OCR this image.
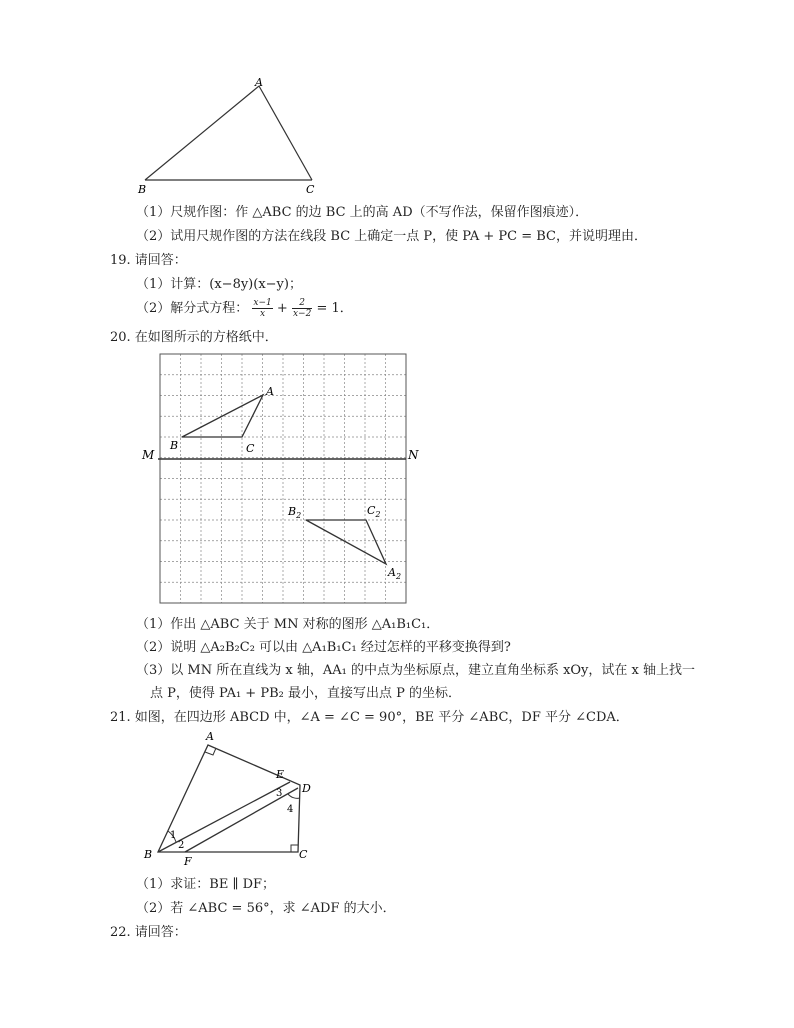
A
B	C
（1）尺规作图：作 △ABC 的边 BC 上的高 AD（不写作法，保留作图痕迹）．
（2）试用尺规作图的方法在线段 BC 上确定一点 P，使 PA + PC = BC，并说明理由．
19. 请回答：
（1）计算：(x−8y)(x−y)；
（2）解分式方程： $\frac{x-1}{x} + \frac{2}{x-2} = 1$．
20. 在如图所示的方格纸中．
M	N
A
B	C
$B_2$	$C_2$
$A_2$
（1）作出 △ABC 关于 MN 对称的图形 △A₁B₁C₁．
（2）说明 △A₂B₂C₂ 可以由 △A₁B₁C₁ 经过怎样的平移变换得到?
（3）以 MN 所在直线为 x 轴，AA₁ 的中点为坐标原点，建立直角坐标系 xOy，试在 x 轴上找一
点 P，使得 PA₁ + PB₂ 最小，直接写出点 P 的坐标．
21. 如图，在四边形 ABCD 中，∠A = ∠C = 90°，BE 平分 ∠ABC，DF 平分 ∠CDA．
A
B	C
D
E
F
1
2
3
4
（1）求证：BE ∥ DF；
（2）若 ∠ABC = 56°，求 ∠ADF 的大小．
22. 请回答：
